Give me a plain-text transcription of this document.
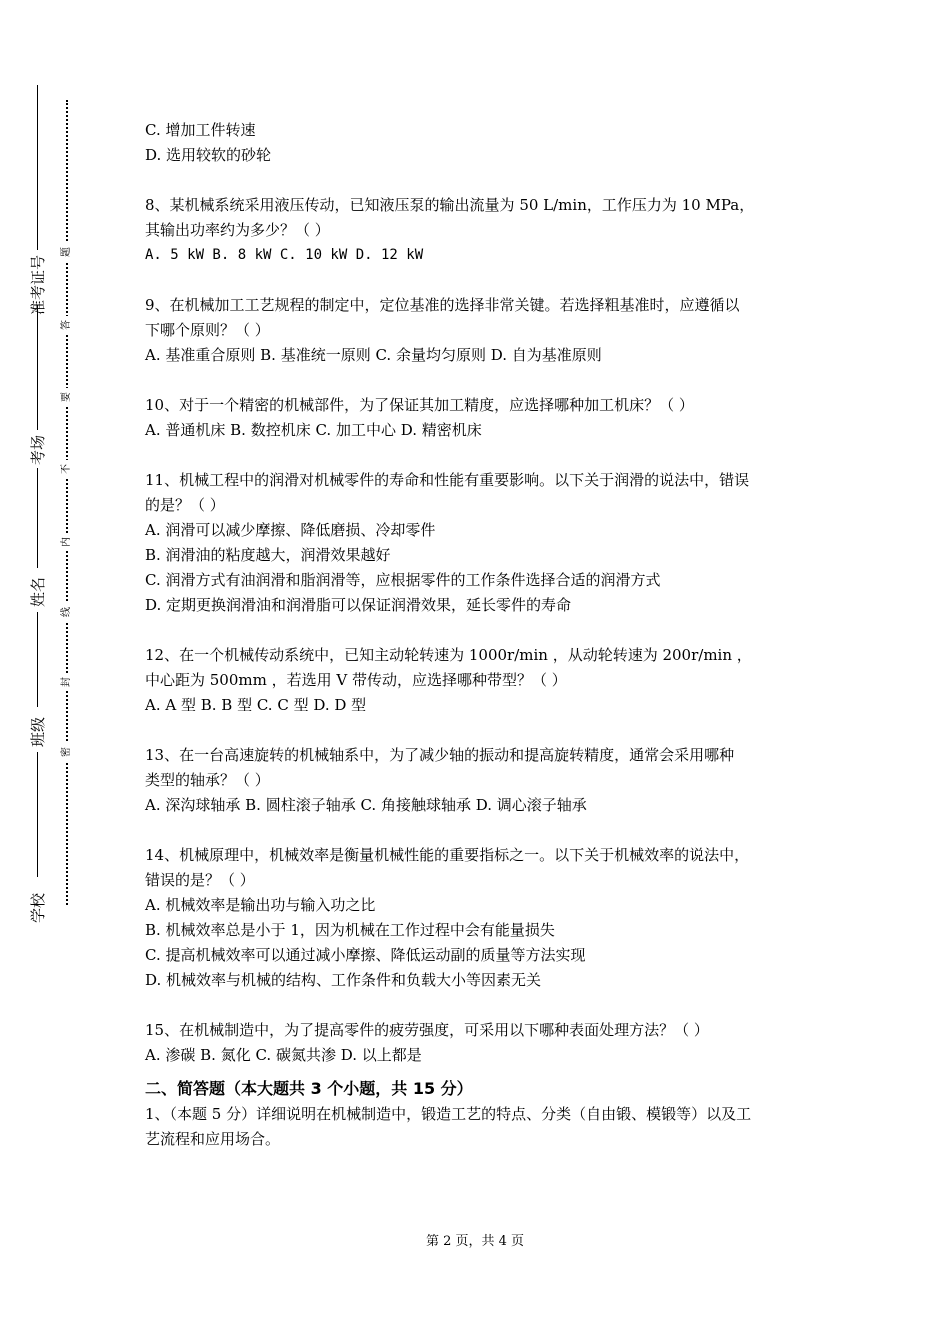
准考证号
考场
姓名
班级
学校
题
答
要
不
内
线
封
密

C. 增加工件转速

D. 选用较软的砂轮

8、某机械系统采用液压传动，已知液压泵的输出流量为 50 L/min，工作压力为 10 MPa，

其输出功率约为多少？（ ）

A. 5 kW B. 8 kW C. 10 kW D. 12 kW

9、在机械加工工艺规程的制定中，定位基准的选择非常关键。若选择粗基准时，应遵循以

下哪个原则？（ ）

A. 基准重合原则 B. 基准统一原则 C. 余量均匀原则 D. 自为基准原则

10、对于一个精密的机械部件，为了保证其加工精度，应选择哪种加工机床？（ ）

A. 普通机床 B. 数控机床 C. 加工中心 D. 精密机床

11、机械工程中的润滑对机械零件的寿命和性能有重要影响。以下关于润滑的说法中，错误

的是？（ ）

A. 润滑可以减少摩擦、降低磨损、冷却零件

B. 润滑油的粘度越大，润滑效果越好

C. 润滑方式有油润滑和脂润滑等，应根据零件的工作条件选择合适的润滑方式

D. 定期更换润滑油和润滑脂可以保证润滑效果，延长零件的寿命

12、在一个机械传动系统中，已知主动轮转速为 1000r/min ，从动轮转速为 200r/min ，

中心距为 500mm ，若选用 V 带传动，应选择哪种带型？（ ）

A. A 型 B. B 型 C. C 型 D. D 型

13、在一台高速旋转的机械轴系中，为了减少轴的振动和提高旋转精度，通常会采用哪种

类型的轴承？（ ）

A. 深沟球轴承 B. 圆柱滚子轴承 C. 角接触球轴承 D. 调心滚子轴承

14、机械原理中，机械效率是衡量机械性能的重要指标之一。以下关于机械效率的说法中，

错误的是？（ ）

A. 机械效率是输出功与输入功之比

B. 机械效率总是小于 1，因为机械在工作过程中会有能量损失

C. 提高机械效率可以通过减小摩擦、降低运动副的质量等方法实现

D. 机械效率与机械的结构、工作条件和负载大小等因素无关

15、在机械制造中，为了提高零件的疲劳强度，可采用以下哪种表面处理方法？（ ）

A. 渗碳 B. 氮化 C. 碳氮共渗 D. 以上都是

二、简答题（本大题共 3 个小题，共 15 分）

1、（本题 5 分）详细说明在机械制造中，锻造工艺的特点、分类（自由锻、模锻等）以及工

艺流程和应用场合。

第 2 页，共 4 页
